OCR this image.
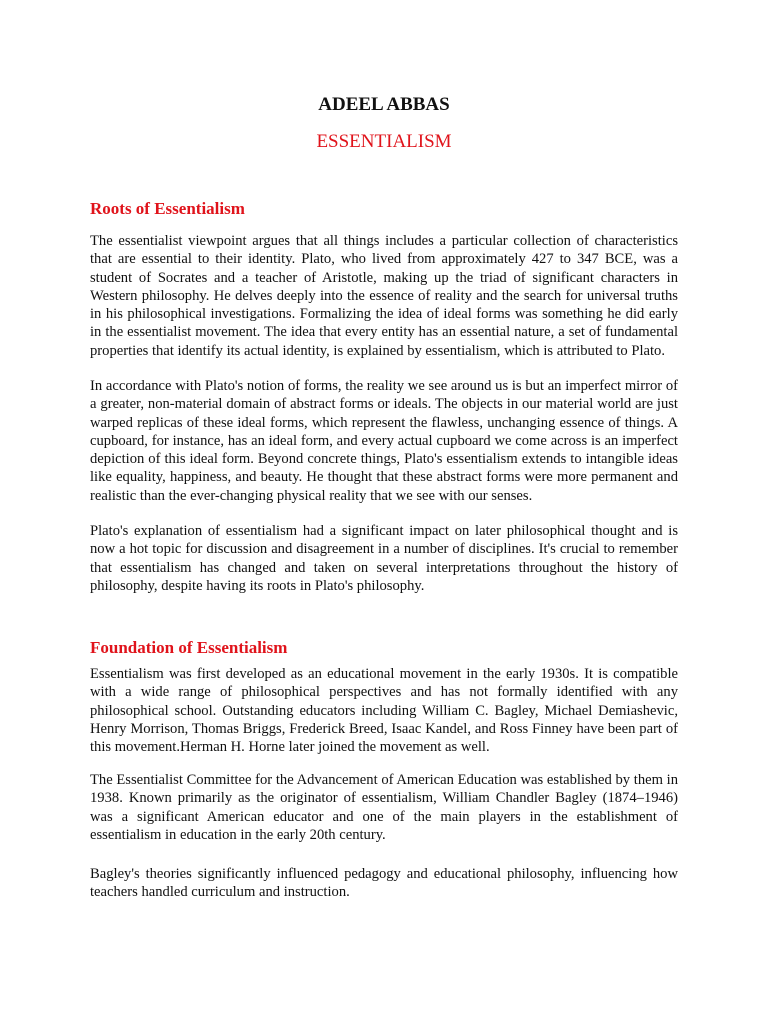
ADEEL ABBAS
ESSENTIALISM
Roots of Essentialism

The essentialist viewpoint argues that all things includes a particular collection of characteristics that are essential to their identity. Plato, who lived from approximately 427 to 347 BCE, was a student of Socrates and a teacher of Aristotle, making up the triad of significant characters in Western philosophy. He delves deeply into the essence of reality and the search for universal truths in his philosophical investigations. Formalizing the idea of ideal forms was something he did early in the essentialist movement. The idea that every entity has an essential nature, a set of fundamental properties that identify its actual identity, is explained by essentialism, which is attributed to Plato.

In accordance with Plato's notion of forms, the reality we see around us is but an imperfect mirror of a greater, non-material domain of abstract forms or ideals. The objects in our material world are just warped replicas of these ideal forms, which represent the flawless, unchanging essence of things. A cupboard, for instance, has an ideal form, and every actual cupboard we come across is an imperfect depiction of this ideal form. Beyond concrete things, Plato's essentialism extends to intangible ideas like equality, happiness, and beauty. He thought that these abstract forms were more permanent and realistic than the ever-changing physical reality that we see with our senses.

Plato's explanation of essentialism had a significant impact on later philosophical thought and is now a hot topic for discussion and disagreement in a number of disciplines. It's crucial to remember that essentialism has changed and taken on several interpretations throughout the history of philosophy, despite having its roots in Plato's philosophy.

Foundation of Essentialism

Essentialism was first developed as an educational movement in the early 1930s. It is compatible with a wide range of philosophical perspectives and has not formally identified with any philosophical school. Outstanding educators including William C. Bagley, Michael Demiashevic, Henry Morrison, Thomas Briggs, Frederick Breed, Isaac Kandel, and Ross Finney have been part of this movement.Herman H. Horne later joined the movement as well.

The Essentialist Committee for the Advancement of American Education was established by them in 1938. Known primarily as the originator of essentialism, William Chandler Bagley (1874–1946) was a significant American educator and one of the main players in the establishment of essentialism in education in the early 20th century.

Bagley's theories significantly influenced pedagogy and educational philosophy, influencing how teachers handled curriculum and instruction.
